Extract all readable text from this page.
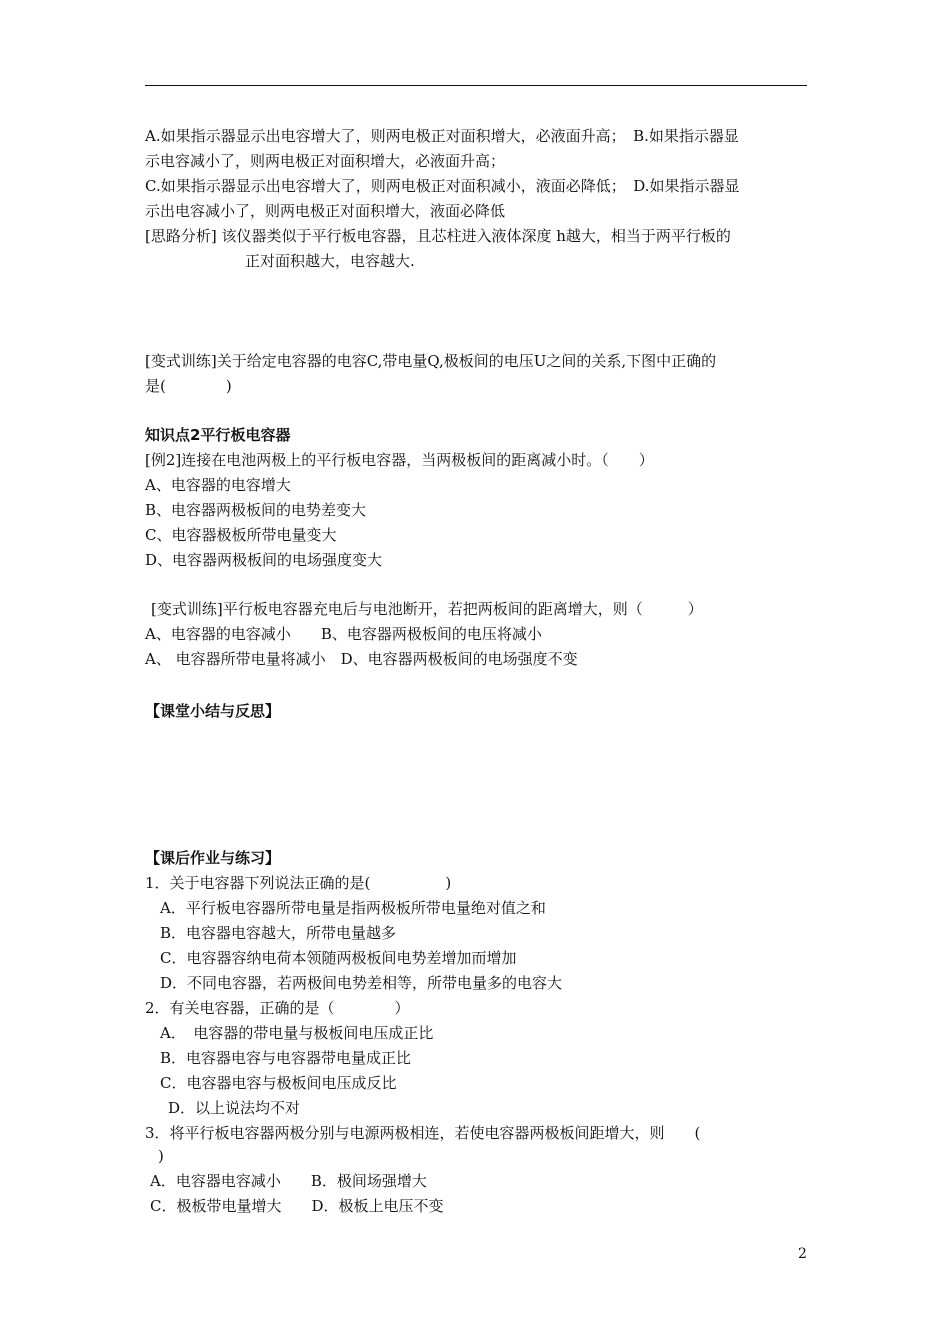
A.如果指示器显示出电容增大了，则两电极正对面积增大，必液面升高；　B.如果指示器显
示电容减小了，则两电极正对面积增大，必液面升高；
C.如果指示器显示出电容增大了，则两电极正对面积减小，液面必降低；　D.如果指示器显
示出电容减小了，则两电极正对面积增大，液面必降低
[思路分析] 该仪器类似于平行板电容器，且芯柱进入液体深度 h越大，相当于两平行板的
正对面积越大，电容越大.
[变式训练]关于给定电容器的电容C,带电量Q,极板间的电压U之间的关系,下图中正确的
是(　　　　)
知识点2平行板电容器
[例2]连接在电池两极上的平行板电容器，当两极板间的距离减小时。（　　）
A、电容器的电容增大
B、电容器两极板间的电势差变大
C、电容器极板所带电量变大
D、电容器两极板间的电场强度变大
[变式训练]平行板电容器充电后与电池断开，若把两板间的距离增大，则（　　　）
A、电容器的电容减小　　B、电容器两极板间的电压将减小
A、 电容器所带电量将减小　D、电容器两极板间的电场强度不变
【课堂小结与反思】
【课后作业与练习】
1．关于电容器下列说法正确的是(　　　　　)
A．平行板电容器所带电量是指两极板所带电量绝对值之和
B．电容器电容越大，所带电量越多
C．电容器容纳电荷本领随两极板间电势差增加而增加
D．不同电容器，若两极间电势差相等，所带电量多的电容大
2．有关电容器，正确的是（　　　　）
A．　电容器的带电量与极板间电压成正比
B．电容器电容与电容器带电量成正比
C．电容器电容与极板间电压成反比
D．以上说法均不对
3．将平行板电容器两极分别与电源两极相连，若使电容器两极板间距增大，则　　(
)
A．电容器电容减小　　B．极间场强增大
C．极板带电量增大　　D．极板上电压不变
2
